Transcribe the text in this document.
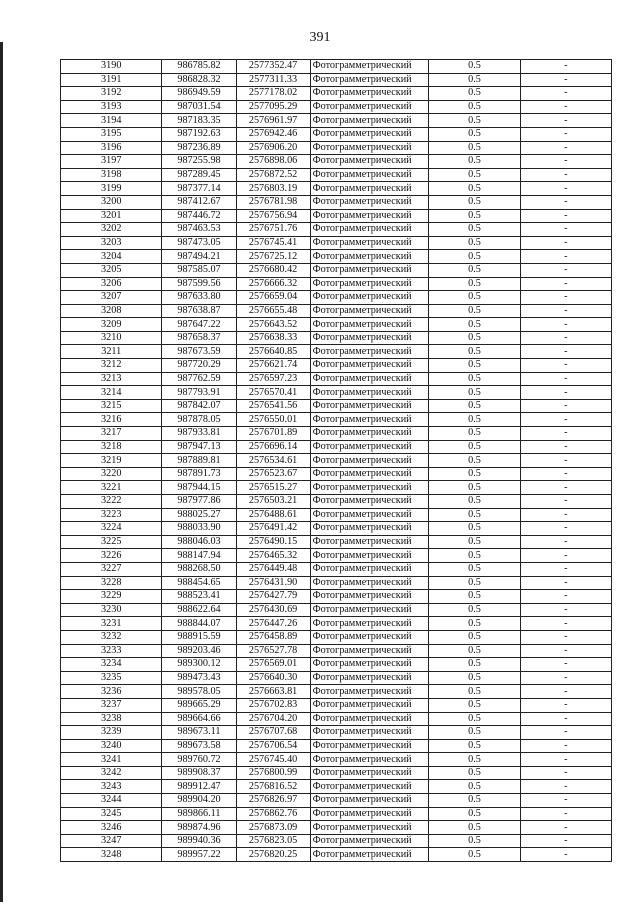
391
3190	986785.82	2577352.47	Фотограмметрический	0.5	-
3191	986828.32	2577311.33	Фотограмметрический	0.5	-
3192	986949.59	2577178.02	Фотограмметрический	0.5	-
3193	987031.54	2577095.29	Фотограмметрический	0.5	-
3194	987183.35	2576961.97	Фотограмметрический	0.5	-
3195	987192.63	2576942.46	Фотограмметрический	0.5	-
3196	987236.89	2576906.20	Фотограмметрический	0.5	-
3197	987255.98	2576898.06	Фотограмметрический	0.5	-
3198	987289.45	2576872.52	Фотограмметрический	0.5	-
3199	987377.14	2576803.19	Фотограмметрический	0.5	-
3200	987412.67	2576781.98	Фотограмметрический	0.5	-
3201	987446.72	2576756.94	Фотограмметрический	0.5	-
3202	987463.53	2576751.76	Фотограмметрический	0.5	-
3203	987473.05	2576745.41	Фотограмметрический	0.5	-
3204	987494.21	2576725.12	Фотограмметрический	0.5	-
3205	987585.07	2576680.42	Фотограмметрический	0.5	-
3206	987599.56	2576666.32	Фотограмметрический	0.5	-
3207	987633.80	2576659.04	Фотограмметрический	0.5	-
3208	987638.87	2576655.48	Фотограмметрический	0.5	-
3209	987647.22	2576643.52	Фотограмметрический	0.5	-
3210	987658.37	2576638.33	Фотограмметрический	0.5	-
3211	987673.59	2576640.85	Фотограмметрический	0.5	-
3212	987720.29	2576621.74	Фотограмметрический	0.5	-
3213	987762.59	2576597.23	Фотограмметрический	0.5	-
3214	987793.91	2576570.41	Фотограмметрический	0.5	-
3215	987842.07	2576541.56	Фотограмметрический	0.5	-
3216	987878.05	2576550.01	Фотограмметрический	0.5	-
3217	987933.81	2576701.89	Фотограмметрический	0.5	-
3218	987947.13	2576696.14	Фотограмметрический	0.5	-
3219	987889.81	2576534.61	Фотограмметрический	0.5	-
3220	987891.73	2576523.67	Фотограмметрический	0.5	-
3221	987944.15	2576515.27	Фотограмметрический	0.5	-
3222	987977.86	2576503.21	Фотограмметрический	0.5	-
3223	988025.27	2576488.61	Фотограмметрический	0.5	-
3224	988033.90	2576491.42	Фотограмметрический	0.5	-
3225	988046.03	2576490.15	Фотограмметрический	0.5	-
3226	988147.94	2576465.32	Фотограмметрический	0.5	-
3227	988268.50	2576449.48	Фотограмметрический	0.5	-
3228	988454.65	2576431.90	Фотограмметрический	0.5	-
3229	988523.41	2576427.79	Фотограмметрический	0.5	-
3230	988622.64	2576430.69	Фотограмметрический	0.5	-
3231	988844.07	2576447.26	Фотограмметрический	0.5	-
3232	988915.59	2576458.89	Фотограмметрический	0.5	-
3233	989203.46	2576527.78	Фотограмметрический	0.5	-
3234	989300.12	2576569.01	Фотограмметрический	0.5	-
3235	989473.43	2576640.30	Фотограмметрический	0.5	-
3236	989578.05	2576663.81	Фотограмметрический	0.5	-
3237	989665.29	2576702.83	Фотограмметрический	0.5	-
3238	989664.66	2576704.20	Фотограмметрический	0.5	-
3239	989673.11	2576707.68	Фотограмметрический	0.5	-
3240	989673.58	2576706.54	Фотограмметрический	0.5	-
3241	989760.72	2576745.40	Фотограмметрический	0.5	-
3242	989908.37	2576800.99	Фотограмметрический	0.5	-
3243	989912.47	2576816.52	Фотограмметрический	0.5	-
3244	989904.20	2576826.97	Фотограмметрический	0.5	-
3245	989866.11	2576862.76	Фотограмметрический	0.5	-
3246	989874.96	2576873.09	Фотограмметрический	0.5	-
3247	989940.36	2576823.05	Фотограмметрический	0.5	-
3248	989957.22	2576820.25	Фотограмметрический	0.5	-
